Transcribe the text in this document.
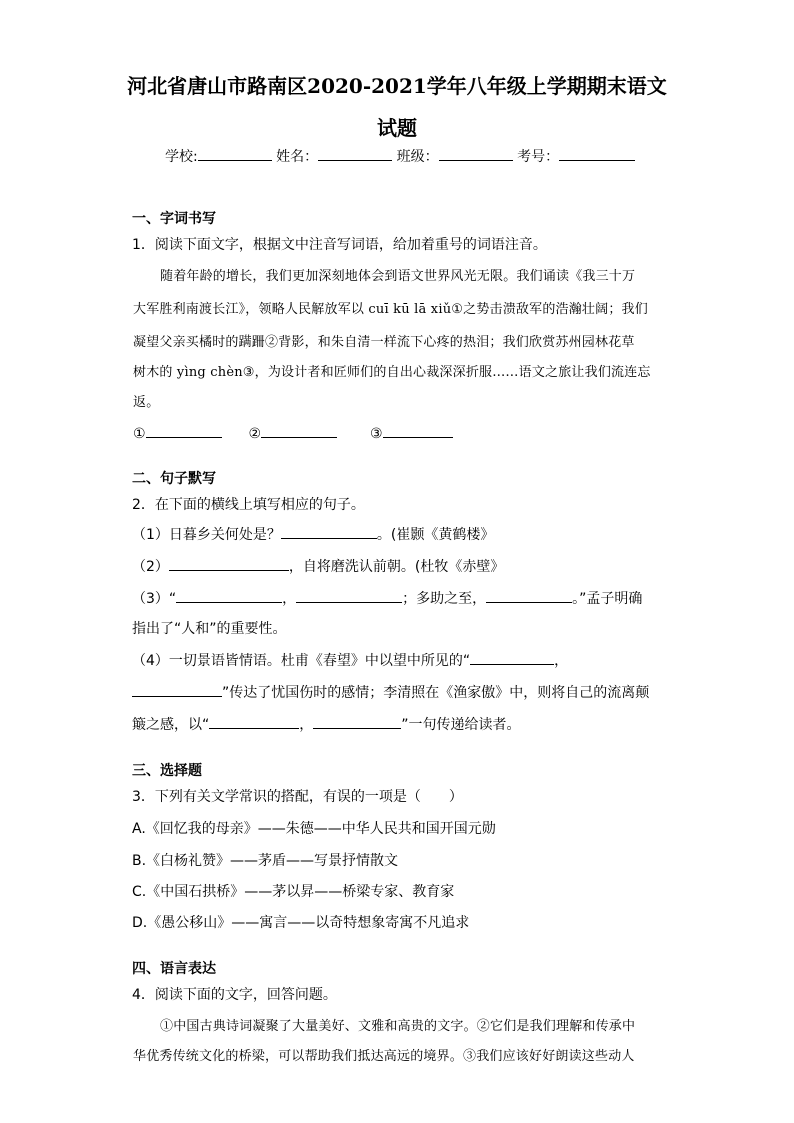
河北省唐山市路南区2020-2021学年八年级上学期期末语文
试题
学校:	姓名：	班级：	考号：
一、字词书写
1．阅读下面文字，根据文中注音写词语，给加着重号的词语注音。
随着年龄的增长，我们更加深刻地体会到语文世界风光无限。我们诵读《我三十万
大军胜利南渡长江》，领略人民解放军以 cuī kū lā xiǔ①之势击溃敌军的浩瀚壮阔；我们
凝望父亲买橘时的蹒跚②背影，和朱自清一样流下心疼的热泪；我们欣赏苏州园林花草
树木的 yìng chèn③，为设计者和匠师们的自出心裁深深折服……语文之旅让我们流连忘
返。
①	②	③
二、句子默写
2．在下面的横线上填写相应的句子。
（1）日暮乡关何处是？	。(崔颢《黄鹤楼》
（2）	，自将磨洗认前朝。(杜牧《赤壁》
（3）“	，	；多助之至，	。”孟子明确
指出了“人和”的重要性。
（4）一切景语皆情语。杜甫《春望》中以望中所见的“	，
”传达了忧国伤时的感情；李清照在《渔家傲》中，则将自己的流离颠
簸之感，以“	，	”一句传递给读者。
三、选择题
3．下列有关文学常识的搭配，有误的一项是（　　）
A.《回忆我的母亲》——朱德——中华人民共和国开国元勋
B.《白杨礼赞》——茅盾——写景抒情散文
C.《中国石拱桥》——茅以昇——桥梁专家、教育家
D.《愚公移山》——寓言——以奇特想象寄寓不凡追求
四、语言表达
4．阅读下面的文字，回答问题。
①中国古典诗词凝聚了大量美好、文雅和高贵的文字。②它们是我们理解和传承中
华优秀传统文化的桥梁，可以帮助我们抵达高远的境界。③我们应该好好朗读这些动人
